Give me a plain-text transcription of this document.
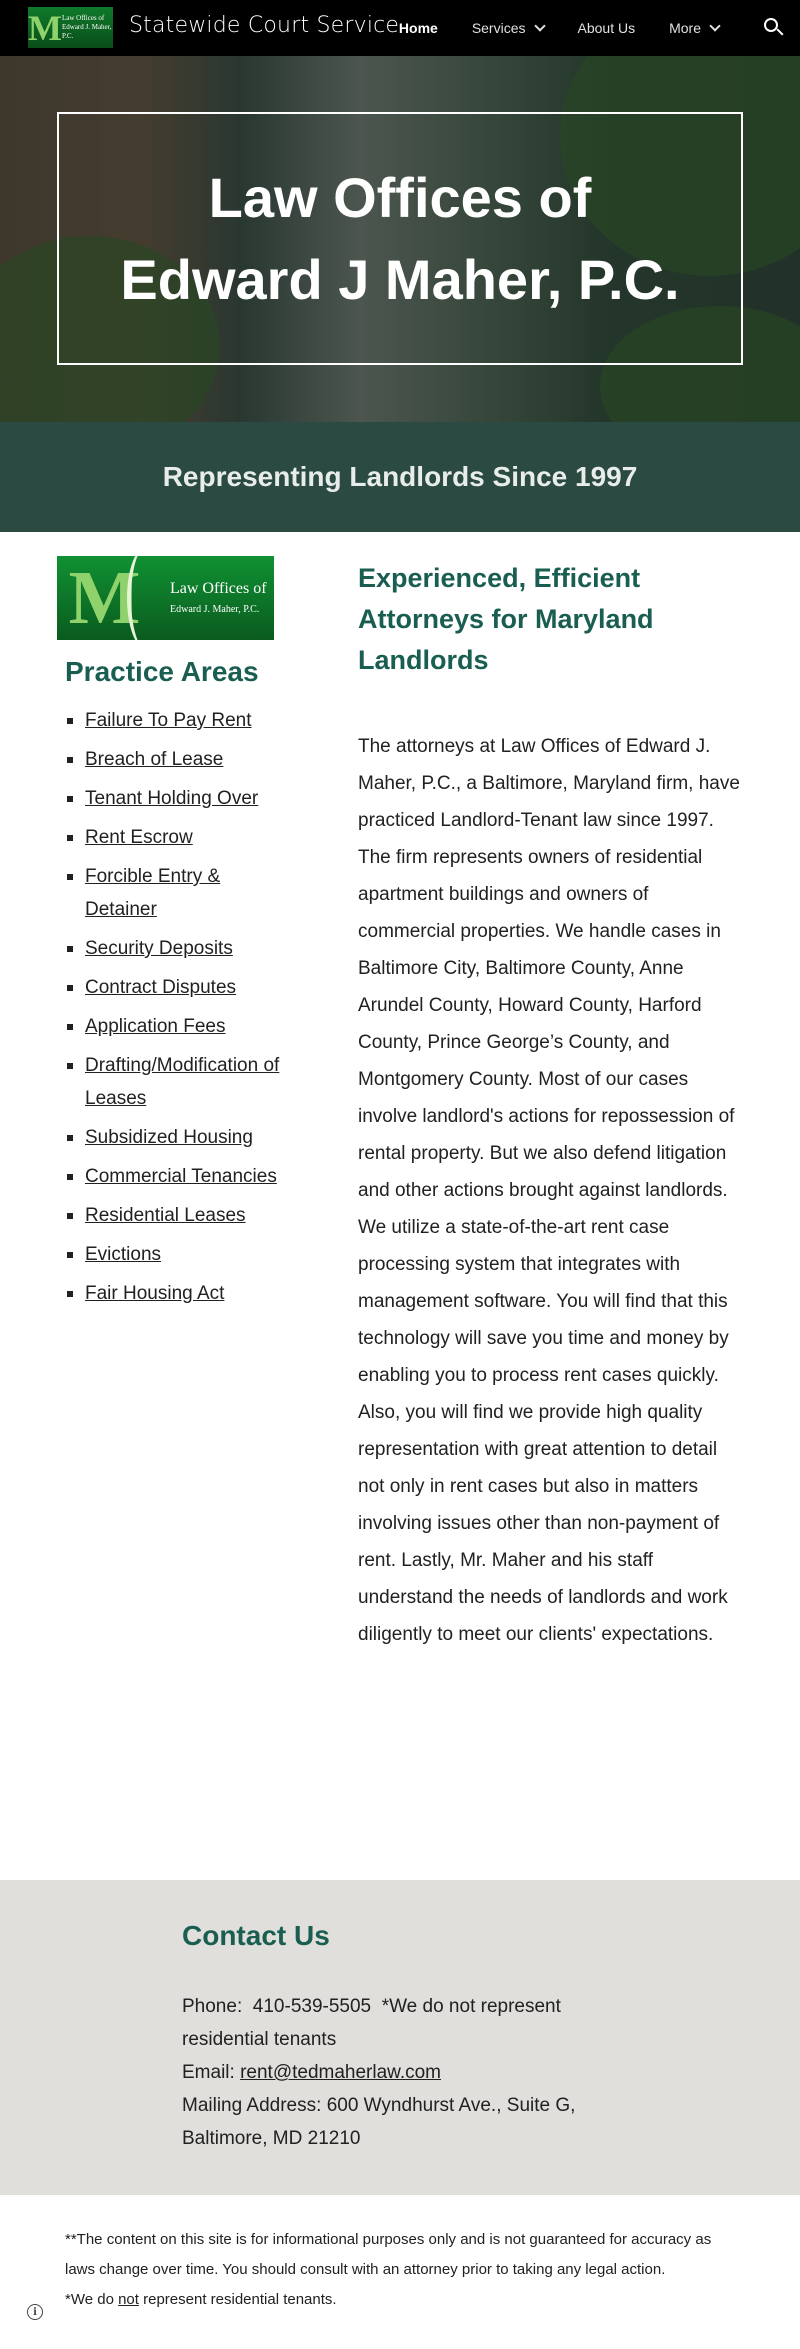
M Law Offices of
Edward J. Maher, P.C.	Statewide Court Service Home Services	About Us More
Law Offices of Edward J Maher, P.C.
Representing Landlords Since 1997
M	Law Offices of
Edward J. Maher, P.C.
Practice Areas
Failure To Pay Rent
Breach of Lease
Tenant Holding Over
Rent Escrow
Forcible Entry & Detainer
Security Deposits
Contract Disputes
Application Fees
Drafting/Modification of Leases
Subsidized Housing
Commercial Tenancies
Residential Leases
Evictions
Fair Housing Act
Experienced, Efficient Attorneys for Maryland Landlords

The attorneys at Law Offices of Edward J. Maher, P.C., a Baltimore, Maryland firm, have practiced Landlord-Tenant law since 1997. The firm represents owners of residential apartment buildings and owners of commercial properties. We handle cases in Baltimore City, Baltimore County, Anne Arundel County, Howard County, Harford County, Prince George’s County, and Montgomery County. Most of our cases involve landlord's actions for repossession of rental property. But we also defend litigation and other actions brought against landlords.

We utilize a state-of-the-art rent case processing system that integrates with management software. You will find that this technology will save you time and money by enabling you to process rent cases quickly. Also, you will find we provide high quality representation with great attention to detail not only in rent cases but also in matters involving issues other than non-payment of rent. Lastly, Mr. Maher and his staff understand the needs of landlords and work diligently to meet our clients' expectations.

Contact Us

Phone: 410-539-5505 *We do not represent residential tenants

Email: rent@tedmaherlaw.com

Mailing Address: 600 Wyndhurst Ave., Suite G, Baltimore, MD 21210

**The content on this site is for informational purposes only and is not guaranteed for accuracy as laws change over time. You should consult with an attorney prior to taking any legal action.

*We do not represent residential tenants.

i
